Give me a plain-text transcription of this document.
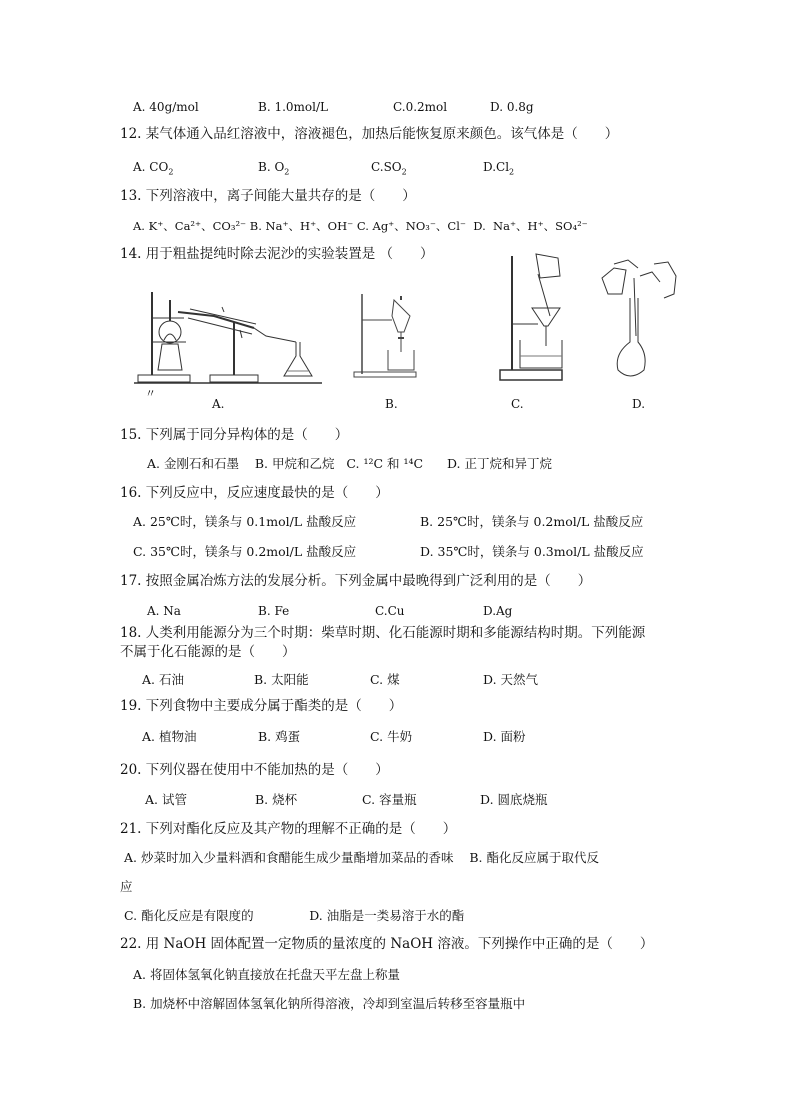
A. 40g/mol	B. 1.0mol/L	C.0.2mol	D. 0.8g
12. 某气体通入品红溶液中，溶液褪色，加热后能恢复原来颜色。该气体是（　　）
A. $CO_2$	B. $O_2$	$C.SO_2$	$D.Cl_2$
13. 下列溶液中，离子间能大量共存的是（　　）
A. K⁺、Ca²⁺、CO₃²⁻ B. Na⁺、H⁺、OH⁻ C. Ag⁺、NO₃⁻、Cl⁻  D.  Na⁺、H⁺、SO₄²⁻
14. 用于粗盐提纯时除去泥沙的实验装置是 （　　）
〃
A.	B.	C.	D.
15. 下列属于同分异构体的是（　　）
A. 金刚石和石墨    B. 甲烷和乙烷   C. ¹²C 和 ¹⁴C      D. 正丁烷和异丁烷
16. 下列反应中，反应速度最快的是（　　）
A. 25℃时，镁条与 0.1mol/L 盐酸反应	B. 25℃时，镁条与 0.2mol/L 盐酸反应
C. 35℃时，镁条与 0.2mol/L 盐酸反应	D. 35℃时，镁条与 0.3mol/L 盐酸反应
17. 按照金属冶炼方法的发展分析。下列金属中最晚得到广泛利用的是（　　）
A. Na	B. Fe	C.Cu	D.Ag
18. 人类利用能源分为三个时期：柴草时期、化石能源时期和多能源结构时期。下列能源
不属于化石能源的是（　　）
A. 石油	B. 太阳能	C. 煤	D. 天然气
19. 下列食物中主要成分属于酯类的是（　　）
A. 植物油	B. 鸡蛋	C. 牛奶	D. 面粉
20. 下列仪器在使用中不能加热的是（　　）
A. 试管	B. 烧杯	C. 容量瓶	D. 圆底烧瓶
21. 下列对酯化反应及其产物的理解不正确的是（　　）
A. 炒菜时加入少量料酒和食醋能生成少量酯增加菜品的香味    B. 酯化反应属于取代反
应
C. 酯化反应是有限度的              D. 油脂是一类易溶于水的酯
22. 用 NaOH 固体配置一定物质的量浓度的 NaOH 溶液。下列操作中正确的是（　　）
A. 将固体氢氧化钠直接放在托盘天平左盘上称量
B. 加烧杯中溶解固体氢氧化钠所得溶液，冷却到室温后转移至容量瓶中
